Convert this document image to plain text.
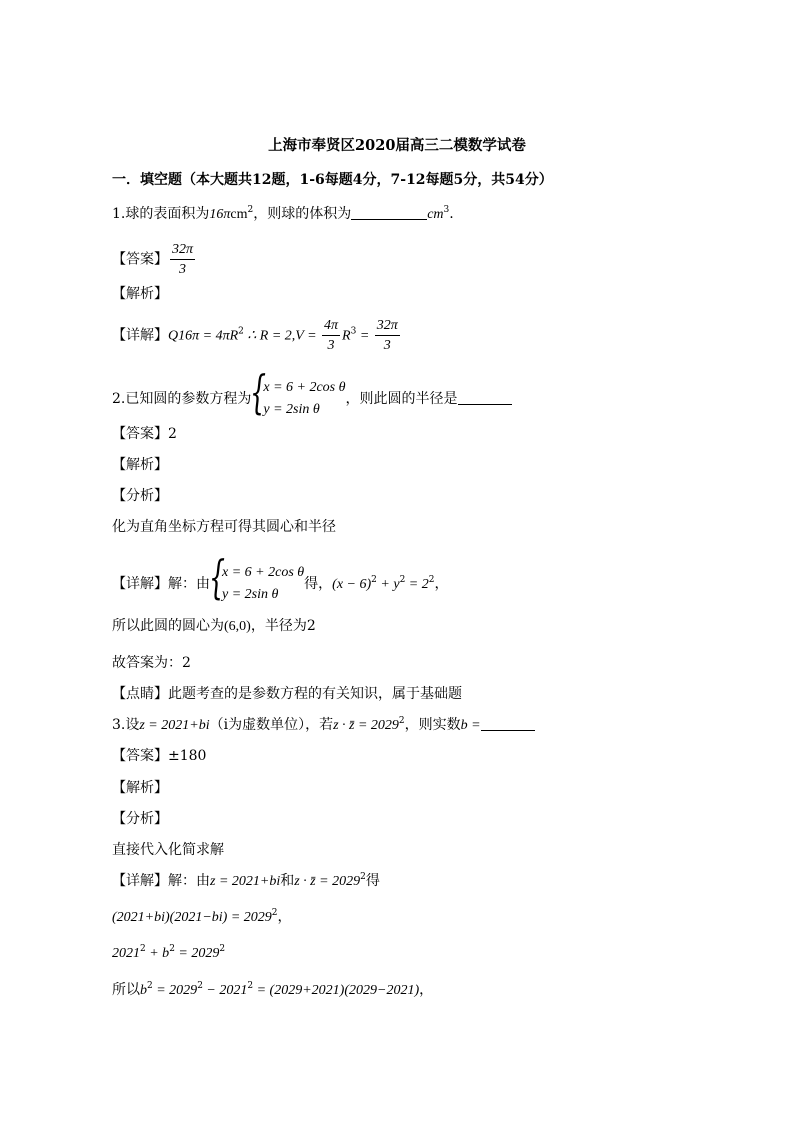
上海市奉贤区2020届高三二模数学试卷
一．填空题（本大题共12题，1-6每题4分，7-12每题5分，共54分）
1.球的表面积为16πcm$^2$，则球的体积为	$cm^3$.
【答案】 $\frac{32\pi}{3}$
【解析】
【详解】$Q16\pi = 4\pi R^2$ ∴ $R = 2,V = \frac{4\pi}{3} R^3 = \frac{32\pi}{3}$
2.已知圆的参数方程为 {
x = 6 + 2cos θ
y = 2sin θ
，则此圆的半径是
【答案】2
【解析】
【分析】
化为直角坐标方程可得其圆心和半径
【详解】解：由 {
x = 6 + 2cos θ
y = 2sin θ
得，$(x - 6)^2 + y^2 = 2^2$，
所以此圆的圆心为(6,0)，半径为2
故答案为：2
【点睛】此题考查的是参数方程的有关知识，属于基础题
3.设z = 2021+bi（i为虚数单位），若z · z̄ = $2029^2$，则实数b =
【答案】±180
【解析】
【分析】
直接代入化简求解
【详解】解：由z = 2021+bi和z · z̄ = $2029^2$得
$(2021+bi)(2021-bi) = 2029^2$，
$2021^2 + b^2 = 2029^2$
所以$b^2 = 2029^2 - 2021^2 = (2029+2021)(2029-2021)$，
